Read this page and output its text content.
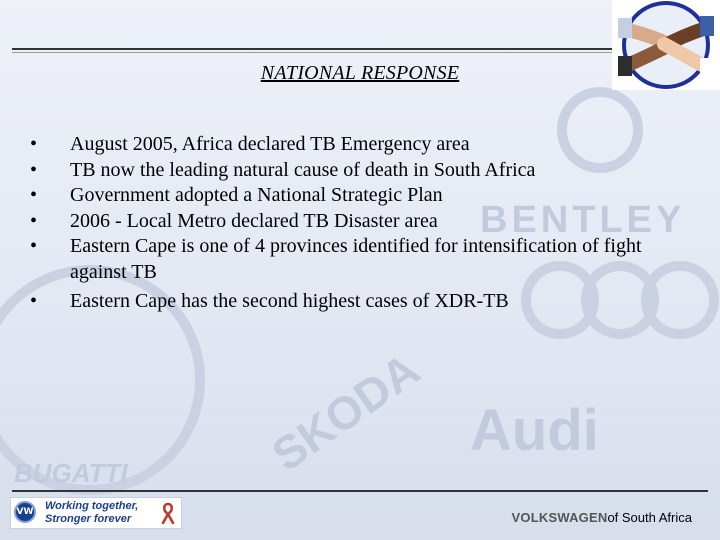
BENTLEY
BUGATTI	SKODA Audi
NATIONAL RESPONSE
• August 2005, Africa declared TB Emergency area
• TB now the leading natural cause of death in South Africa
• Government adopted a National Strategic Plan
• 2006 - Local Metro declared TB Disaster area
• Eastern Cape is one of 4 provinces identified for intensification of fight against TB
• Eastern Cape has the second highest cases of XDR-TB
VW Working together,
Stronger forever	VOLKSWAGENof South Africa
